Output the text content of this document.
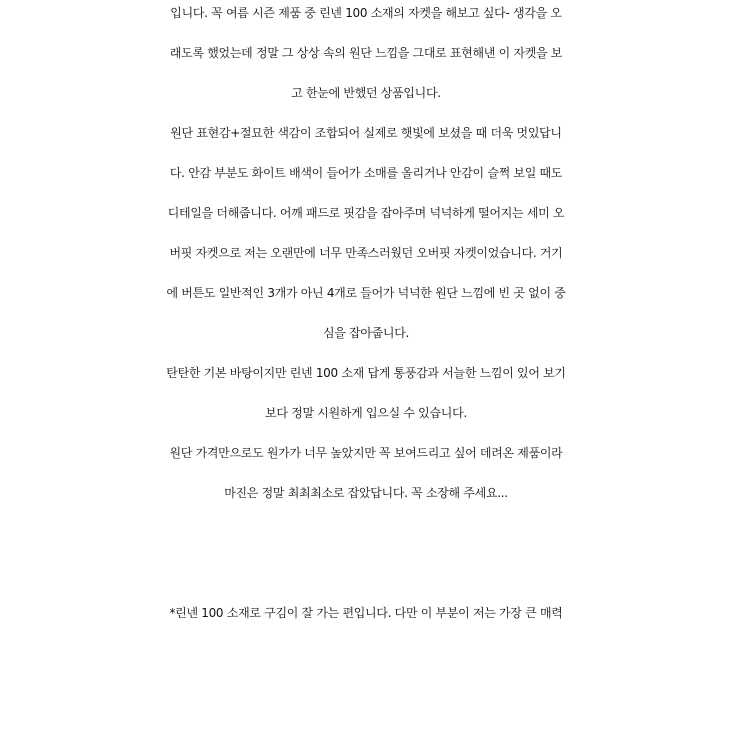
입니다. 꼭 여름 시즌 제품 중 린넨 100 소재의 자켓을 해보고 싶다- 생각을 오
래도록 했었는데 정말 그 상상 속의 원단 느낌을 그대로 표현해낸 이 자켓을 보
고 한눈에 반했던 상품입니다.
원단 표현감+절묘한 색감이 조합되어 실제로 햇빛에 보셨을 때 더욱 멋있답니
다. 안감 부분도 화이트 배색이 들어가 소매를 올리거나 안감이 슬쩍 보일 때도
디테일을 더해줍니다. 어깨 패드로 핏감을 잡아주며 넉넉하게 떨어지는 세미 오
버핏 자켓으로 저는 오랜만에 너무 만족스러웠던 오버핏 자켓이었습니다. 거기
에 버튼도 일반적인 3개가 아닌 4개로 들어가 넉넉한 원단 느낌에 빈 곳 없이 중
심을 잡아줍니다.
탄탄한 기본 바탕이지만 린넨 100 소재 답게 통풍감과 서늘한 느낌이 있어 보기
보다 정말 시원하게 입으실 수 있습니다.
원단 가격만으로도 원가가 너무 높았지만 꼭 보여드리고 싶어 데려온 제품이라
마진은 정말 최최최소로 잡았답니다. 꼭 소장해 주세요...
*린넨 100 소재로 구김이 잘 가는 편입니다. 다만 이 부분이 저는 가장 큰 매력
